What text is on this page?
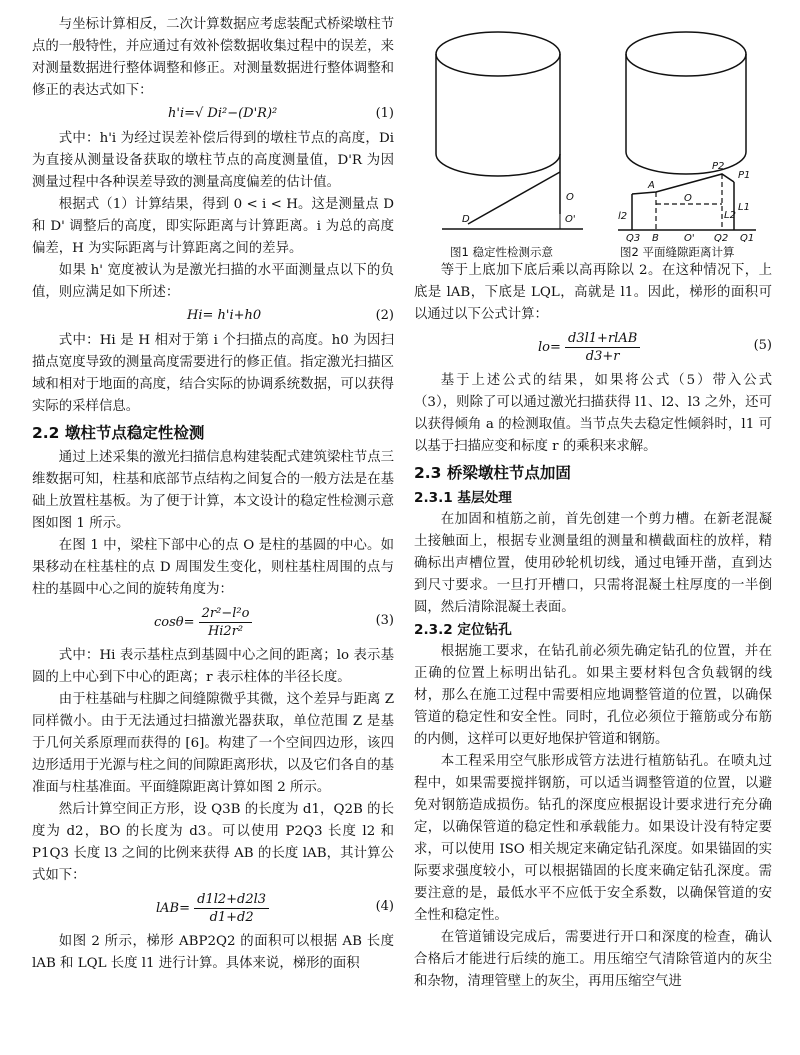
与坐标计算相反，二次计算数据应考虑装配式桥梁墩柱节点的一般特性，并应通过有效补偿数据收集过程中的误差，来对测量数据进行整体调整和修正。对测量数据进行整体调整和修正的表达式如下：

h'i=√ Di²−(D'R)²	(1)

式中：h'i 为经过误差补偿后得到的墩柱节点的高度，Di 为直接从测量设备获取的墩柱节点的高度测量值，D'R 为因测量过程中各种误差导致的测量高度偏差的估计值。

根据式（1）计算结果，得到 0 < i < H。这是测量点 D 和 D' 调整后的高度，即实际距离与计算距离。i 为总的高度偏差，H 为实际距离与计算距离之间的差异。

如果 h' 宽度被认为是激光扫描的水平面测量点以下的负值，则应满足如下所述：

Hi= h'i+h0	(2)

式中：Hi 是 H 相对于第 i 个扫描点的高度。h0 为因扫描点宽度导致的测量高度需要进行的修正值。指定激光扫描区域和相对于地面的高度，结合实际的协调系统数据，可以获得实际的采样信息。

2.2 墩柱节点稳定性检测

通过上述采集的激光扫描信息构建装配式建筑梁柱节点三维数据可知，柱基和底部节点结构之间复合的一般方法是在基础上放置柱基板。为了便于计算，本文设计的稳定性检测示意图如图 1 所示。

在图 1 中，梁柱下部中心的点 O 是柱的基圆的中心。如果移动在柱基柱的点 D 周围发生变化，则柱基柱周围的点与柱的基圆中心之间的旋转角度为：

$\cos\theta= \frac{\text{2r²−l²o}}{\text{Hi2r²}}$	(3)

式中：Hi 表示基柱点到基圆中心之间的距离；lo 表示基圆的上中心到下中心的距离；r 表示柱体的半径长度。

由于柱基础与柱脚之间缝隙微乎其微，这个差异与距离 Z 同样微小。由于无法通过扫描激光器获取，单位范围 Z 是基于几何关系原理而获得的 [6]。构建了一个空间四边形，该四边形适用于光源与柱之间的间隙距离形状，以及它们各自的基准面与柱基准面。平面缝隙距离计算如图 2 所示。

然后计算空间正方形，设 Q3B 的长度为 d1，Q2B 的长度为 d2，BO 的长度为 d3。可以使用 P2Q3 长度 l2 和 P1Q3 长度 l3 之间的比例来获得 AB 的长度 lAB，其计算公式如下：

$lAB= \frac{d1l2+d2l3}{d1+d2}$	(4)

如图 2 所示，梯形 ABP2Q2 的面积可以根据 AB 长度 lAB 和 LQL 长度 l1 进行计算。具体来说，梯形的面积

D
O
O'
图1 稳定性检测示意
P2
P1
A
O
L2
L1
l2
Q3 B	O' Q2 Q1
图2 平面缝隙距离计算

等于上底加下底后乘以高再除以 2。在这种情况下，上底是 lAB，下底是 LQL，高就是 l1。因此，梯形的面积可以通过以下公式计算：

$lo= \frac{\text{d3l1+rlAB}}{d3+r}$	(5)

基于上述公式的结果，如果将公式（5）带入公式（3），则除了可以通过激光扫描获得 l1、l2、l3 之外，还可以获得倾角 a 的检测取值。当节点失去稳定性倾斜时，l1 可以基于扫描应变和标度 r 的乘积来求解。

2.3 桥梁墩柱节点加固
2.3.1 基层处理

在加固和植筋之前，首先创建一个剪力槽。在新老混凝土接触面上，根据专业测量组的测量和横截面柱的放样，精确标出声槽位置，使用砂轮机切线，通过电锤开凿，直到达到尺寸要求。一旦打开槽口，只需将混凝土柱厚度的一半倒圆，然后清除混凝土表面。

2.3.2 定位钻孔

根据施工要求，在钻孔前必须先确定钻孔的位置，并在正确的位置上标明出钻孔。如果主要材料包含负载钢的线材，那么在施工过程中需要相应地调整管道的位置，以确保管道的稳定性和安全性。同时，孔位必须位于箍筋或分布筋的内侧，这样可以更好地保护管道和钢筋。

本工程采用空气胀形成管方法进行植筋钻孔。在喷丸过程中，如果需要搅拌钢筋，可以适当调整管道的位置，以避免对钢筋造成损伤。钻孔的深度应根据设计要求进行充分确定，以确保管道的稳定性和承载能力。如果设计没有特定要求，可以使用 ISO 相关规定来确定钻孔深度。如果锚固的实际要求强度较小，可以根据锚固的长度来确定钻孔深度。需要注意的是，最低水平不应低于安全系数，以确保管道的安全性和稳定性。

在管道铺设完成后，需要进行开口和深度的检查，确认合格后才能进行后续的施工。用压缩空气清除管道内的灰尘和杂物，清理管壁上的灰尘，再用压缩空气进
